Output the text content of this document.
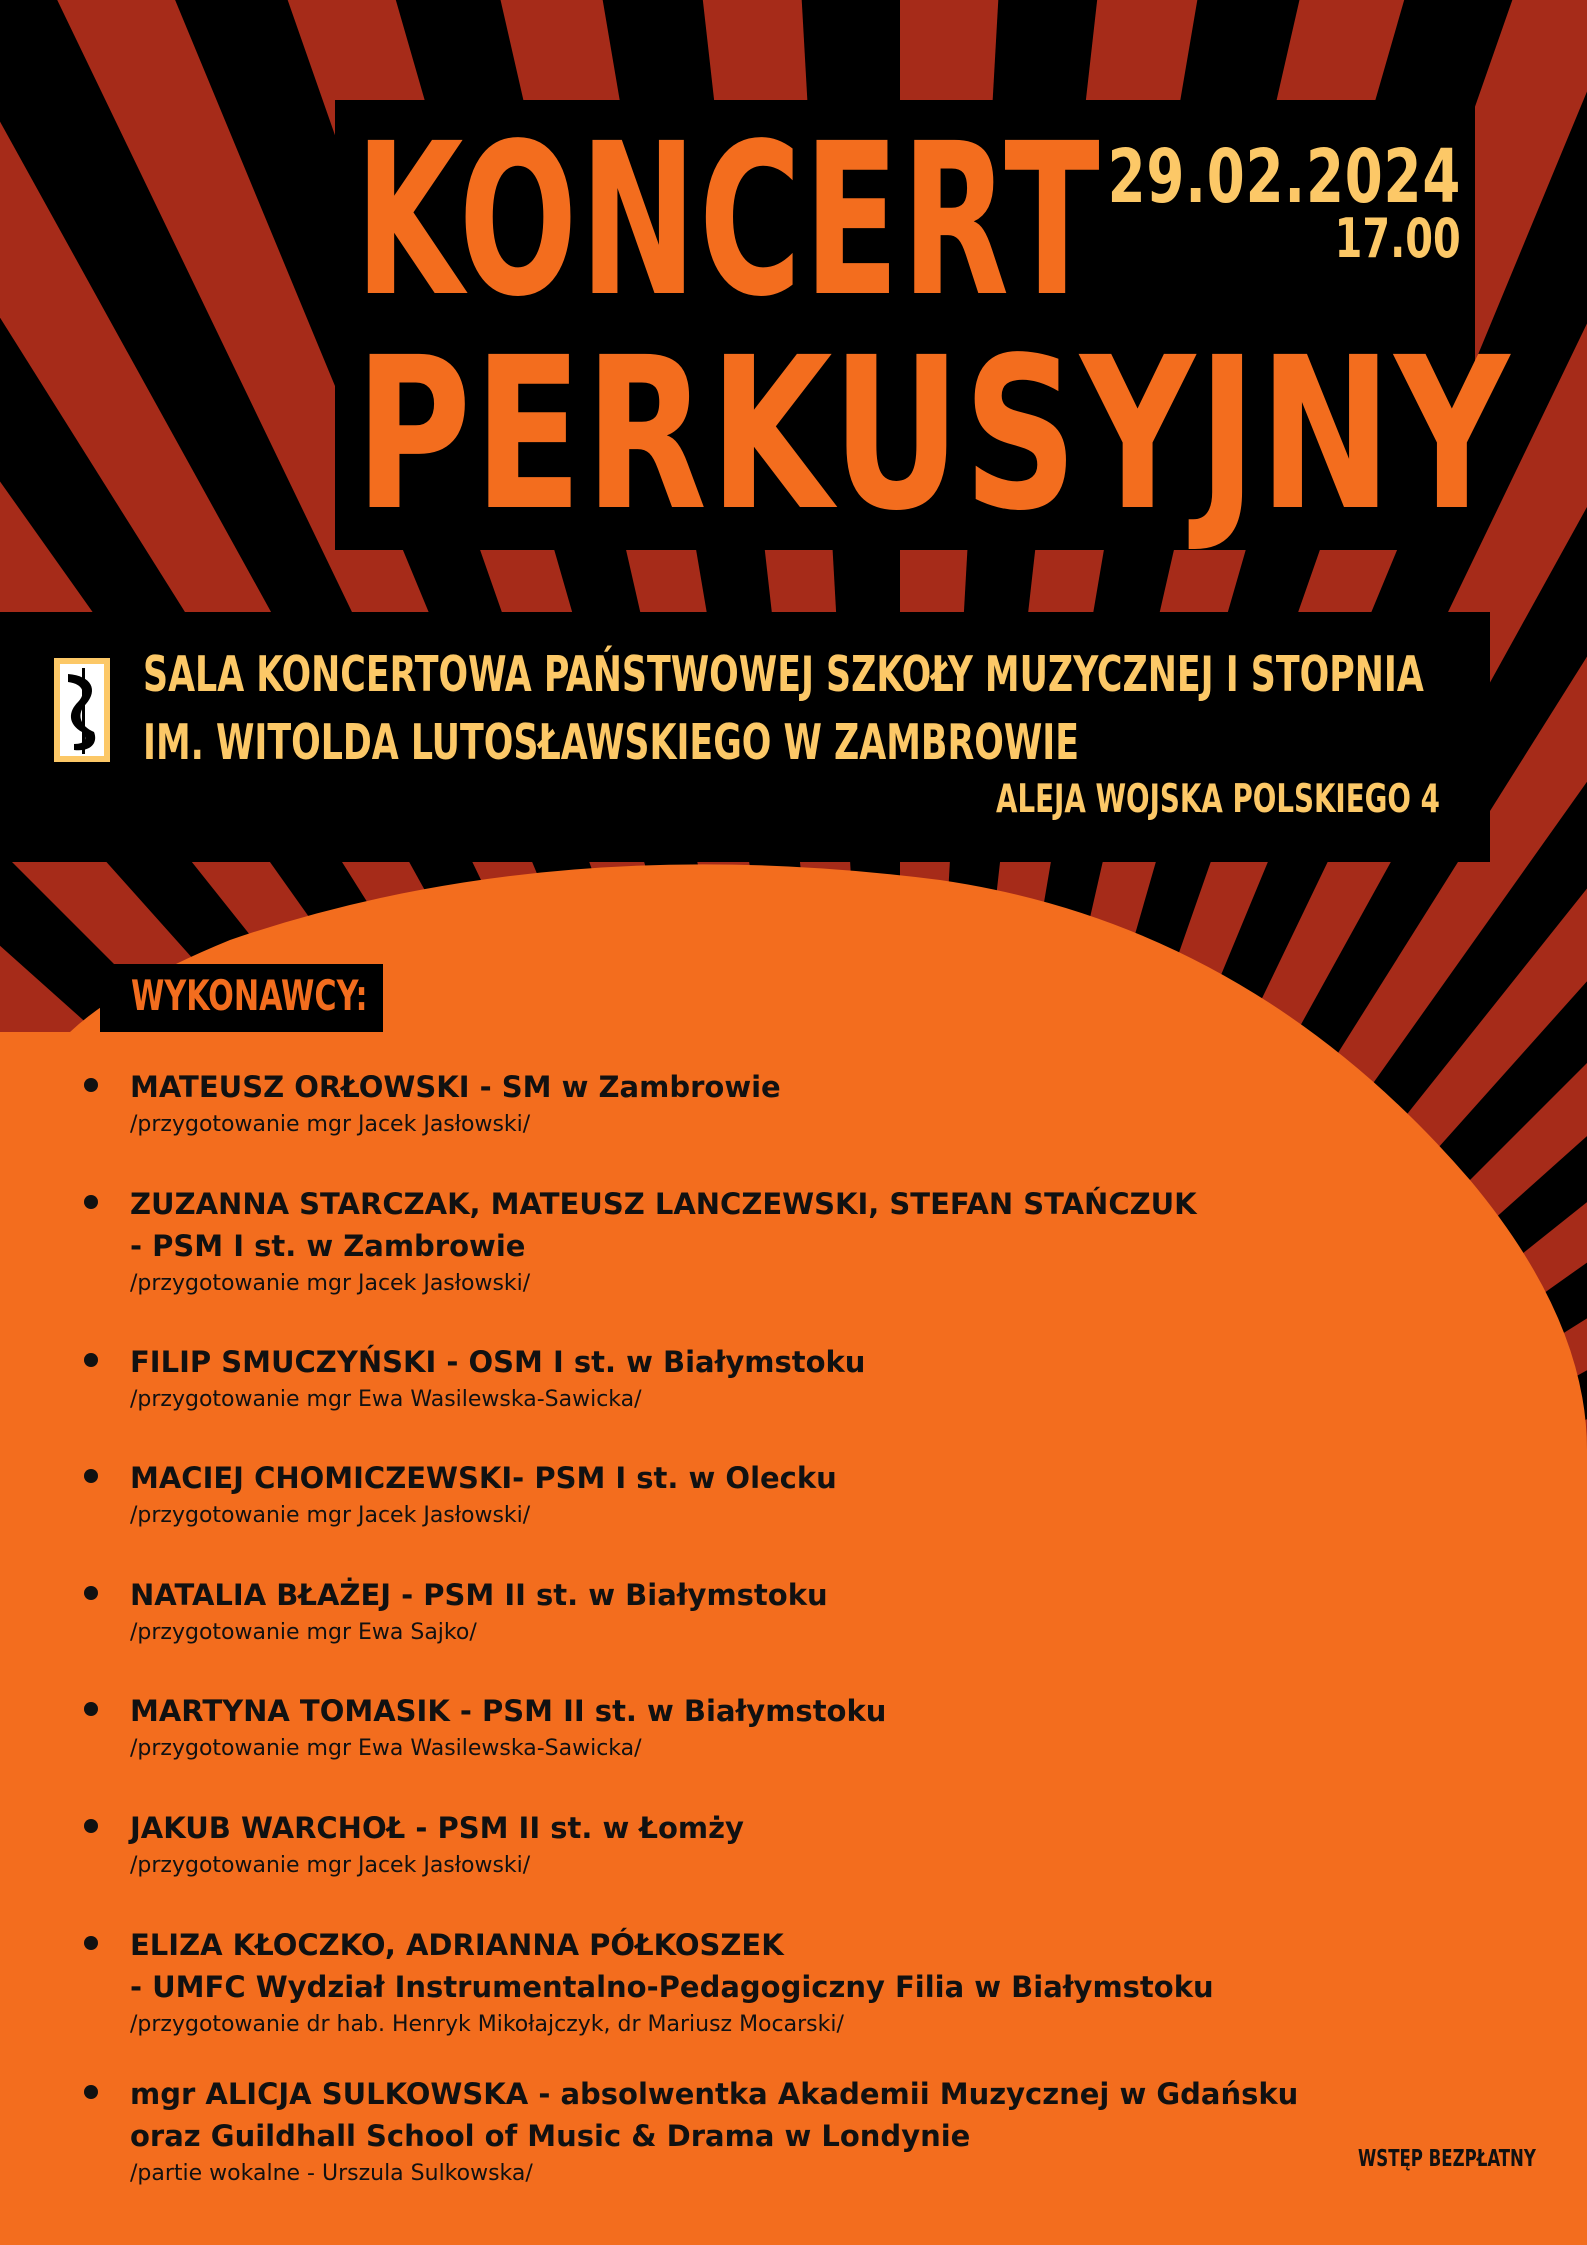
KONCERT
PERKUSYJNY
29.02.2024
17.00
SALA KONCERTOWA PAŃSTWOWEJ SZKOŁY MUZYCZNEJ I STOPNIA
IM. WITOLDA LUTOSŁAWSKIEGO W ZAMBROWIE
ALEJA WOJSKA POLSKIEGO 4
WYKONAWCY:
MATEUSZ ORŁOWSKI - SM w Zambrowie
/przygotowanie mgr Jacek Jasłowski/
ZUZANNA STARCZAK, MATEUSZ LANCZEWSKI, STEFAN STAŃCZUK
- PSM I st. w Zambrowie
/przygotowanie mgr Jacek Jasłowski/
FILIP SMUCZYŃSKI - OSM I st. w Białymstoku
/przygotowanie mgr Ewa Wasilewska-Sawicka/
MACIEJ CHOMICZEWSKI- PSM I st. w Olecku
/przygotowanie mgr Jacek Jasłowski/
NATALIA BŁAŻEJ - PSM II st. w Białymstoku
/przygotowanie mgr Ewa Sajko/
MARTYNA TOMASIK - PSM II st. w Białymstoku
/przygotowanie mgr Ewa Wasilewska-Sawicka/
JAKUB WARCHOŁ - PSM II st. w Łomży
/przygotowanie mgr Jacek Jasłowski/
ELIZA KŁOCZKO, ADRIANNA PÓŁKOSZEK
- UMFC Wydział Instrumentalno-Pedagogiczny Filia w Białymstoku
/przygotowanie dr hab. Henryk Mikołajczyk, dr Mariusz Mocarski/
mgr ALICJA SULKOWSKA - absolwentka Akademii Muzycznej w Gdańsku
oraz Guildhall School of Music & Drama w Londynie
/partie wokalne - Urszula Sulkowska/
WSTĘP BEZPŁATNY
